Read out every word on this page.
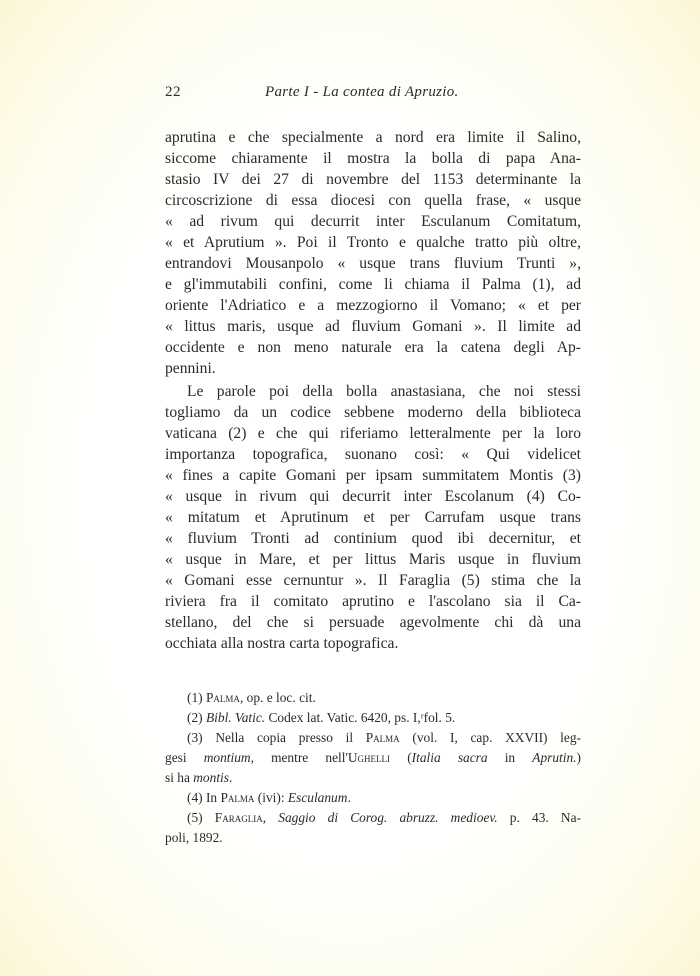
22	Parte I - La contea di Apruzio.
aprutina e che specialmente a nord era limite il Salino,
siccome chiaramente il mostra la bolla di papa Ana-
stasio IV dei 27 di novembre del 1153 determinante la
circoscrizione di essa diocesi con quella frase, « usque
« ad rivum qui decurrit inter Esculanum Comitatum,
« et Aprutium ». Poi il Tronto e qualche tratto più oltre,
entrandovi Mousanpolo « usque trans fluvium Trunti »,
e gl'immutabili confini, come li chiama il Palma (1), ad
oriente l'Adriatico e a mezzogiorno il Vomano; « et per
« littus maris, usque ad fluvium Gomani ». Il limite ad
occidente e non meno naturale era la catena degli Ap-
pennini.
Le parole poi della bolla anastasiana, che noi stessi
togliamo da un codice sebbene moderno della biblioteca
vaticana (2) e che qui riferiamo letteralmente per la loro
importanza topografica, suonano così: « Qui videlicet
« fines a capite Gomani per ipsam summitatem Montis (3)
« usque in rivum qui decurrit inter Escolanum (4) Co-
« mitatum et Aprutinum et per Carrufam usque trans
« fluvium Tronti ad continium quod ibi decernitur, et
« usque in Mare, et per littus Maris usque in fluvium
« Gomani esse cernuntur ». Il Faraglia (5) stima che la
riviera fra il comitato aprutino e l'ascolano sia il Ca-
stellano, del che si persuade agevolmente chi dà una
occhiata alla nostra carta topografica.
(1) Palma, op. e loc. cit.
(2) Bibl. Vatic. Codex lat. Vatic. 6420, ps. I,ʳfol. 5.
(3) Nella copia presso il Palma (vol. I, cap. XXVII) leg-
gesi montium, mentre nell'Ughelli (Italia sacra in Aprutin.)
si ha montis.
(4) In Palma (ivi): Esculanum.
(5) Faraglia, Saggio di Corog. abruzz. medioev. p. 43. Na-
poli, 1892.
